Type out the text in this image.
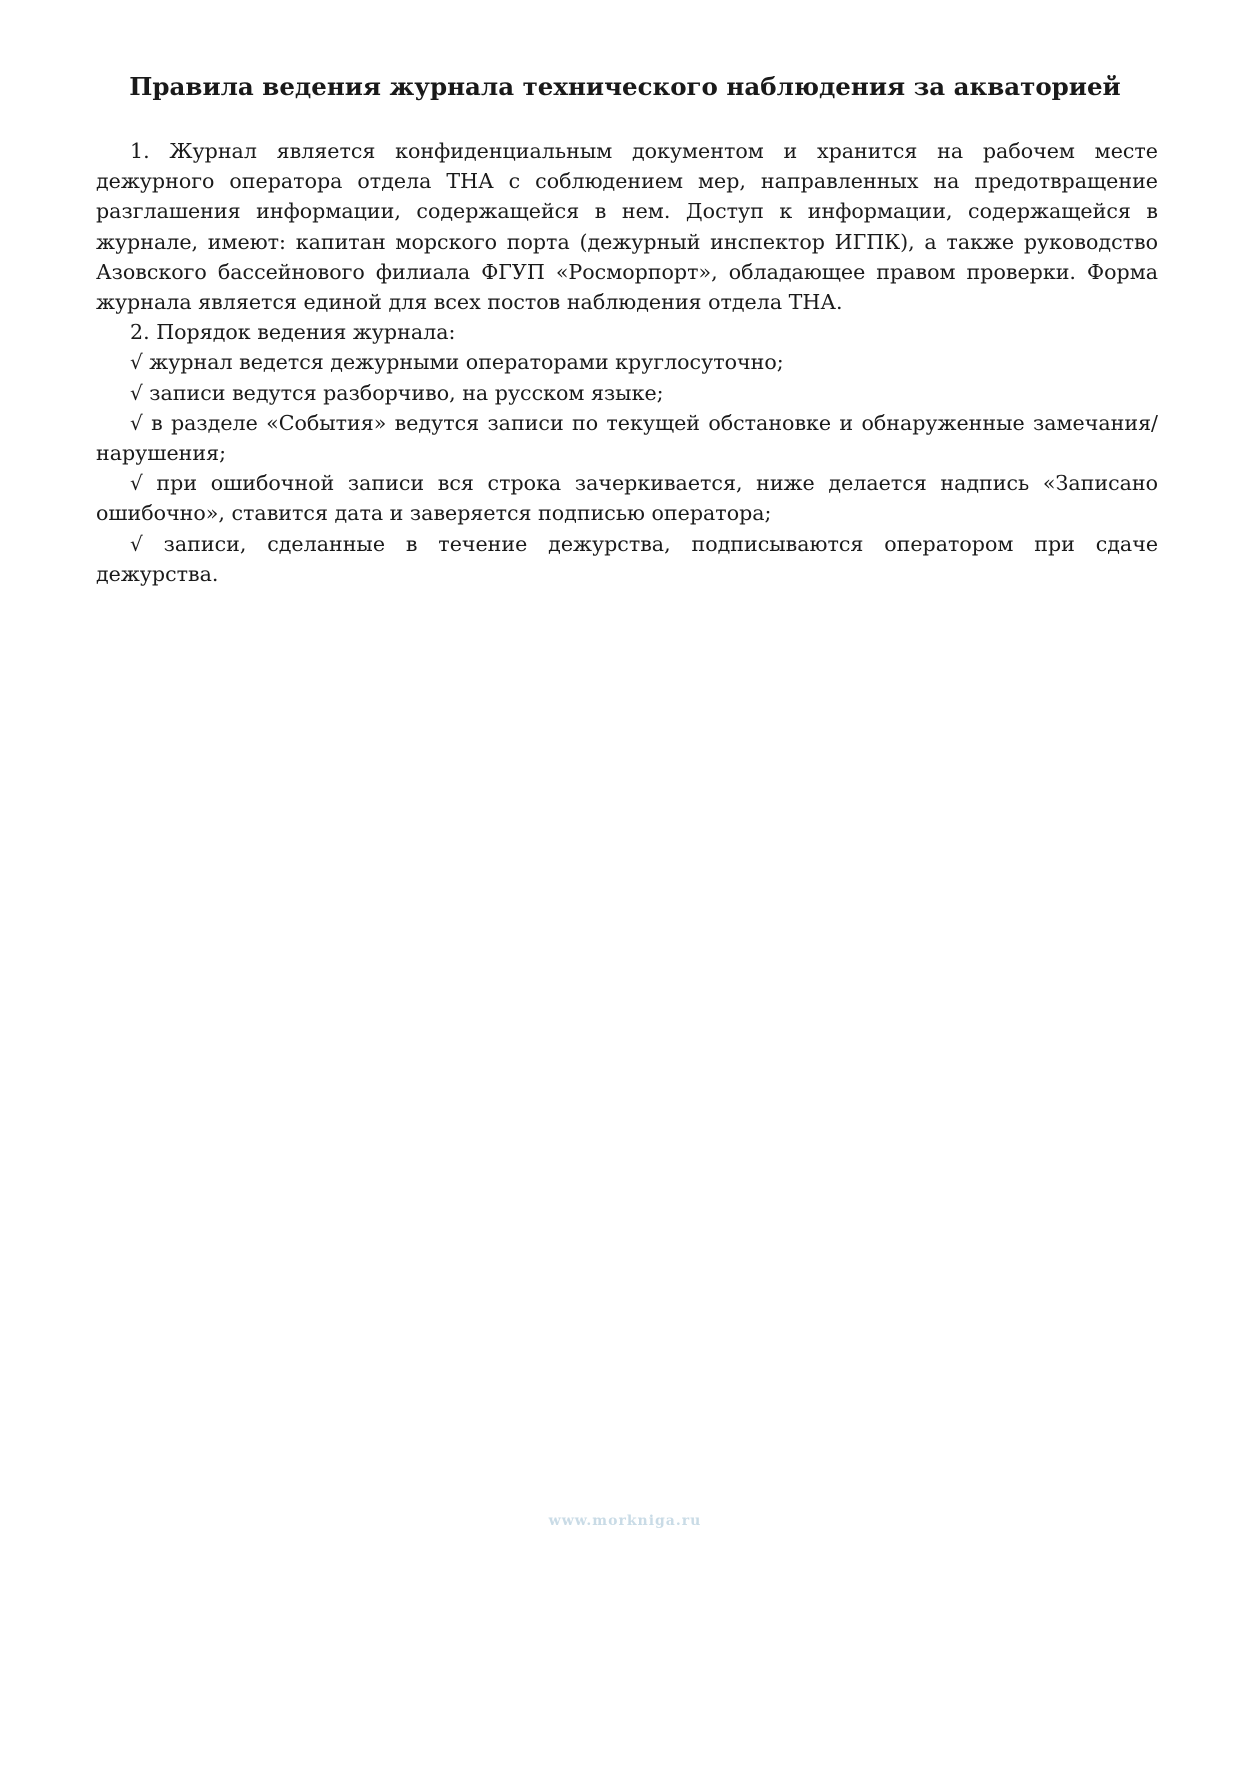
Правила ведения журнала технического наблюдения за акваторией

1. Журнал является конфиденциальным документом и хранится на рабочем месте дежурного оператора отдела ТНА с соблюдением мер, направленных на предотвращение разглашения информации, содержащейся в нем. Доступ к информации, содержащейся в журнале, имеют: капитан морского порта (дежурный инспектор ИГПК), а также руководство Азовского бассейнового филиала ФГУП «Росморпорт», обладающее правом проверки. Форма журнала является единой для всех постов наблюдения отдела ТНА.

2. Порядок ведения журнала:

√ журнал ведется дежурными операторами круглосуточно;

√ записи ведутся разборчиво, на русском языке;

√ в разделе «События» ведутся записи по текущей обстановке и обнаруженные замечания/нарушения;

√ при ошибочной записи вся строка зачеркивается, ниже делается надпись «Записано ошибочно», ставится дата и заверяется подписью оператора;

√ записи, сделанные в течение дежурства, подписываются оператором при сдаче дежурства.

www.morkniga.ru
